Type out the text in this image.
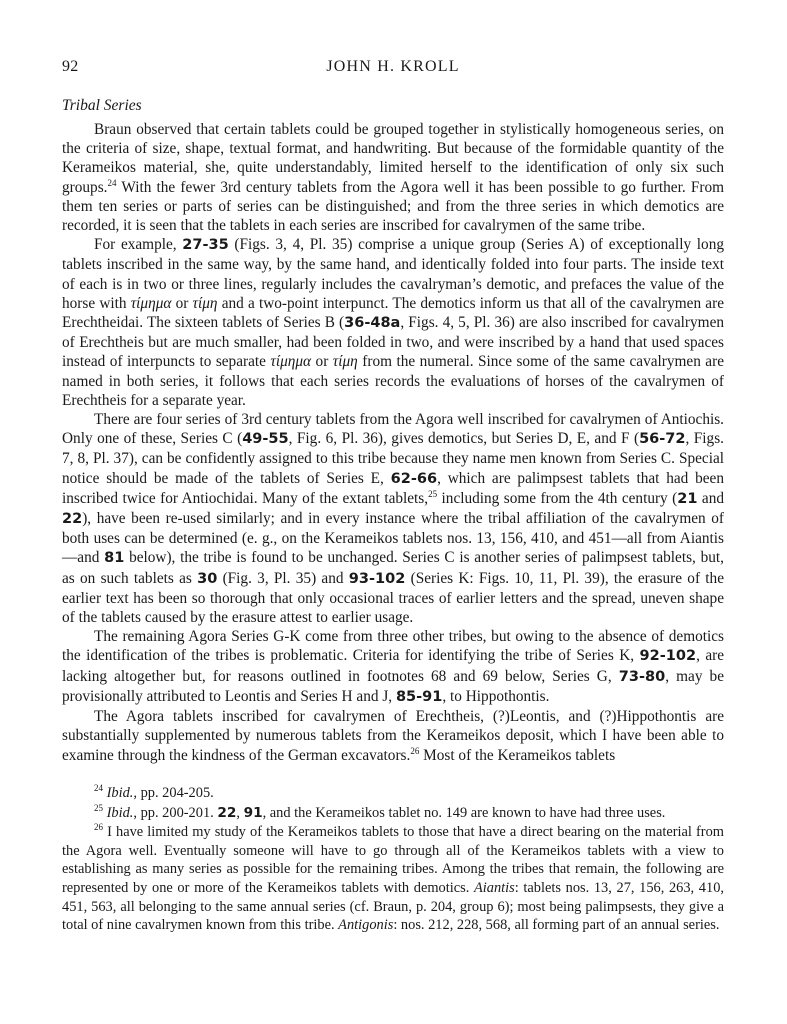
92	JOHN H. KROLL
Tribal Series

Braun observed that certain tablets could be grouped together in stylistically homogeneous series, on the criteria of size, shape, textual format, and handwriting. But because of the formidable quantity of the Kerameikos material, she, quite understandably, limited herself to the identification of only six such groups.$^{24}$ With the fewer 3rd century tablets from the Agora well it has been possible to go further. From them ten series or parts of series can be distinguished; and from the three series in which demotics are recorded, it is seen that the tablets in each series are inscribed for cavalrymen of the same tribe.

For example, 27-35 (Figs. 3, 4, Pl. 35) comprise a unique group (Series A) of exceptionally long tablets inscribed in the same way, by the same hand, and identically folded into four parts. The inside text of each is in two or three lines, regularly includes the cavalryman’s demotic, and prefaces the value of the horse with τίμημα or τίμη and a two-point interpunct. The demotics inform us that all of the cavalrymen are Erechtheidai. The sixteen tablets of Series B (36-48a, Figs. 4, 5, Pl. 36) are also inscribed for cavalrymen of Erechtheis but are much smaller, had been folded in two, and were inscribed by a hand that used spaces instead of interpuncts to separate τίμημα or τίμη from the numeral. Since some of the same cavalrymen are named in both series, it follows that each series records the evaluations of horses of the cavalrymen of Erechtheis for a separate year.

There are four series of 3rd century tablets from the Agora well inscribed for cavalrymen of Antiochis. Only one of these, Series C (49-55, Fig. 6, Pl. 36), gives demotics, but Series D, E, and F (56-72, Figs. 7, 8, Pl. 37), can be confidently assigned to this tribe because they name men known from Series C. Special notice should be made of the tablets of Series E, 62-66, which are palimpsest tablets that had been inscribed twice for Antiochidai. Many of the extant tablets,$^{25}$ including some from the 4th century (21 and 22), have been re-used similarly; and in every instance where the tribal affiliation of the cavalrymen of both uses can be determined (e. g., on the Kerameikos tablets nos. 13, 156, 410, and 451—all from Aiantis—and 81 below), the tribe is found to be unchanged. Series C is another series of palimpsest tablets, but, as on such tablets as 30 (Fig. 3, Pl. 35) and 93-102 (Series K: Figs. 10, 11, Pl. 39), the erasure of the earlier text has been so thorough that only occasional traces of earlier letters and the spread, uneven shape of the tablets caused by the erasure attest to earlier usage.

The remaining Agora Series G-K come from three other tribes, but owing to the absence of demotics the identification of the tribes is problematic. Criteria for identifying the tribe of Series K, 92-102, are lacking altogether but, for reasons outlined in footnotes 68 and 69 below, Series G, 73-80, may be provisionally attributed to Leontis and Series H and J, 85-91, to Hippothontis.

The Agora tablets inscribed for cavalrymen of Erechtheis, (?)Leontis, and (?)Hippothontis are substantially supplemented by numerous tablets from the Kerameikos deposit, which I have been able to examine through the kindness of the German excavators.$^{26}$ Most of the Kerameikos tablets

$^{24}$ Ibid., pp. 204-205.

$^{25}$ Ibid., pp. 200-201. 22, 91, and the Kerameikos tablet no. 149 are known to have had three uses.

$^{26}$ I have limited my study of the Kerameikos tablets to those that have a direct bearing on the material from the Agora well. Eventually someone will have to go through all of the Kerameikos tablets with a view to establishing as many series as possible for the remaining tribes. Among the tribes that remain, the following are represented by one or more of the Kerameikos tablets with demotics. Aiantis: tablets nos. 13, 27, 156, 263, 410, 451, 563, all belonging to the same annual series (cf. Braun, p. 204, group 6); most being palimpsests, they give a total of nine cavalrymen known from this tribe. Antigonis: nos. 212, 228, 568, all forming part of an annual series.
